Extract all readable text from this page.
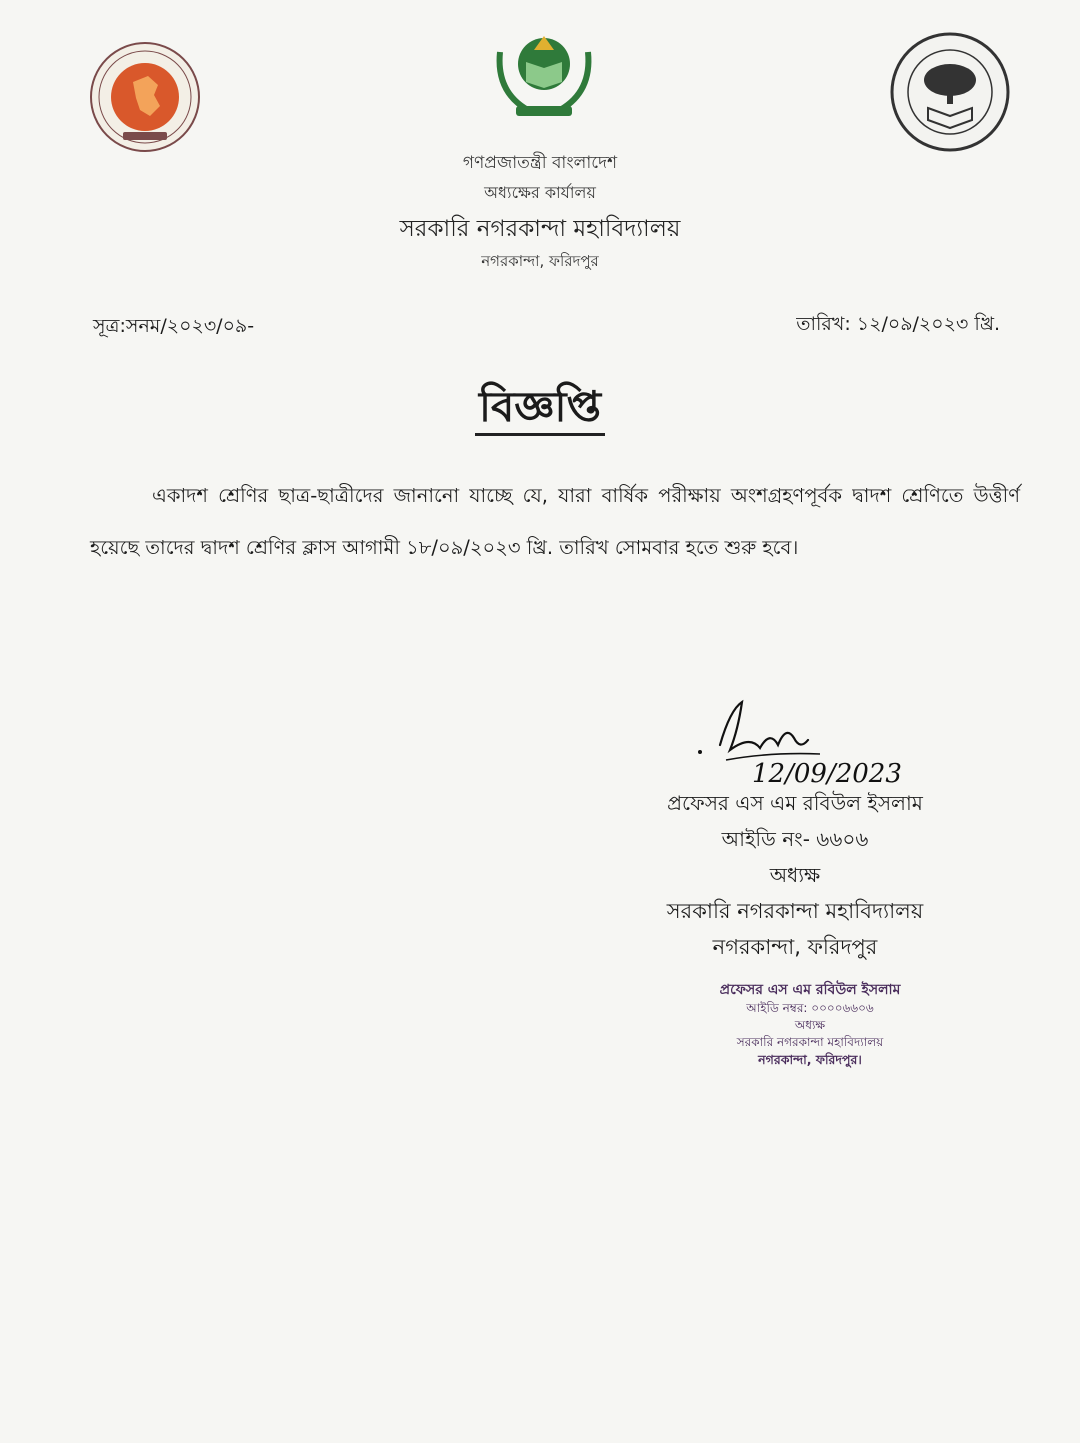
গণপ্রজাতন্ত্রী বাংলাদেশ
অধ্যক্ষের কার্যালয়
সরকারি নগরকান্দা মহাবিদ্যালয়
নগরকান্দা, ফরিদপুর
সূত্র:সনম/২০২৩/০৯-	তারিখ: ১২/০৯/২০২৩ খ্রি.
বিজ্ঞপ্তি
একাদশ শ্রেণির ছাত্র-ছাত্রীদের জানানো যাচ্ছে যে, যারা বার্ষিক পরীক্ষায় অংশগ্রহণপূর্বক দ্বাদশ শ্রেণিতে উত্তীর্ণ হয়েছে তাদের দ্বাদশ শ্রেণির ক্লাস আগামী ১৮/০৯/২০২৩ খ্রি. তারিখ সোমবার হতে শুরু হবে।
12/09/2023
প্রফেসর এস এম রবিউল ইসলাম
আইডি নং- ৬৬০৬
অধ্যক্ষ
সরকারি নগরকান্দা মহাবিদ্যালয়
নগরকান্দা, ফরিদপুর
প্রফেসর এস এম রবিউল ইসলাম
আইডি নম্বর: ০০০০৬৬০৬
অধ্যক্ষ
সরকারি নগরকান্দা মহাবিদ্যালয়
নগরকান্দা, ফরিদপুর।
